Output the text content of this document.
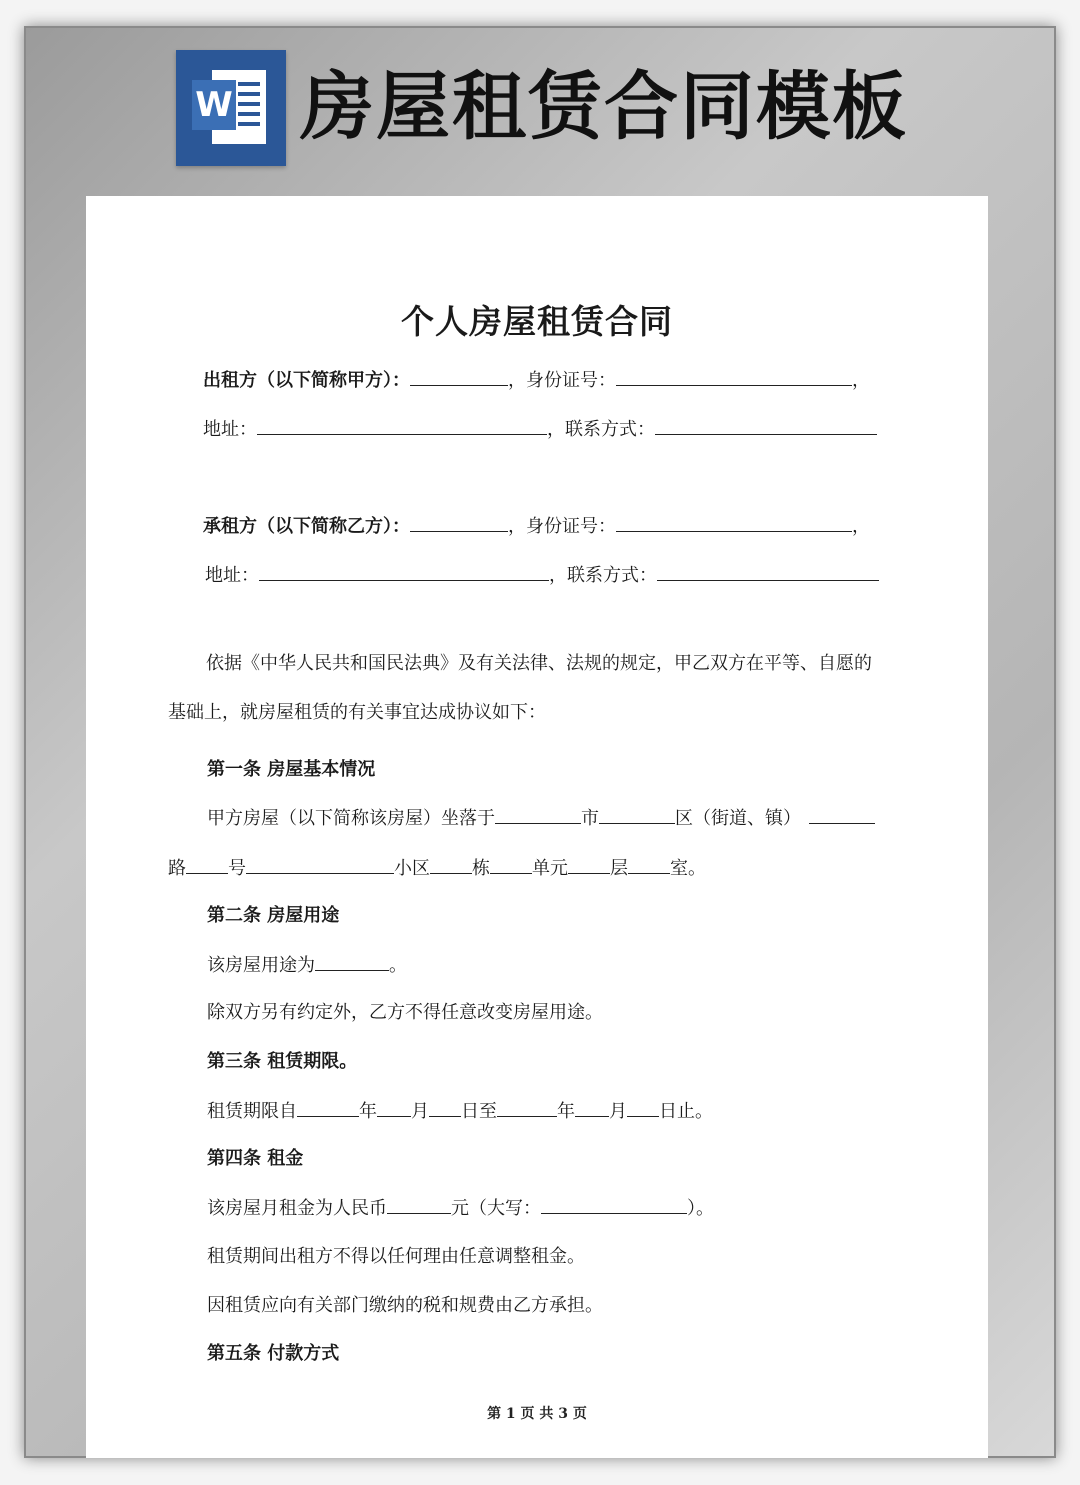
W 房屋租赁合同模板
个人房屋租赁合同
出租方（以下简称甲方）：	，身份证号：	，
地址：	，联系方式：
承租方（以下简称乙方）：	，身份证号：	，
地址：	，联系方式：
依据《中华人民共和国民法典》及有关法律、法规的规定，甲乙双方在平等、自愿的
基础上，就房屋租赁的有关事宜达成协议如下：
第一条 房屋基本情况
甲方房屋（以下简称该房屋）坐落于	市	区（街道、镇）
路 号	小区 栋 单元 层 室。
第二条 房屋用途
该房屋用途为	。
除双方另有约定外，乙方不得任意改变房屋用途。
第三条 租赁期限。
租赁期限自	年 月 日至	年 月 日止。
第四条 租金
该房屋月租金为人民币	元（大写：	）。
租赁期间出租方不得以任何理由任意调整租金。
因租赁应向有关部门缴纳的税和规费由乙方承担。
第五条 付款方式
第 1 页 共 3 页
